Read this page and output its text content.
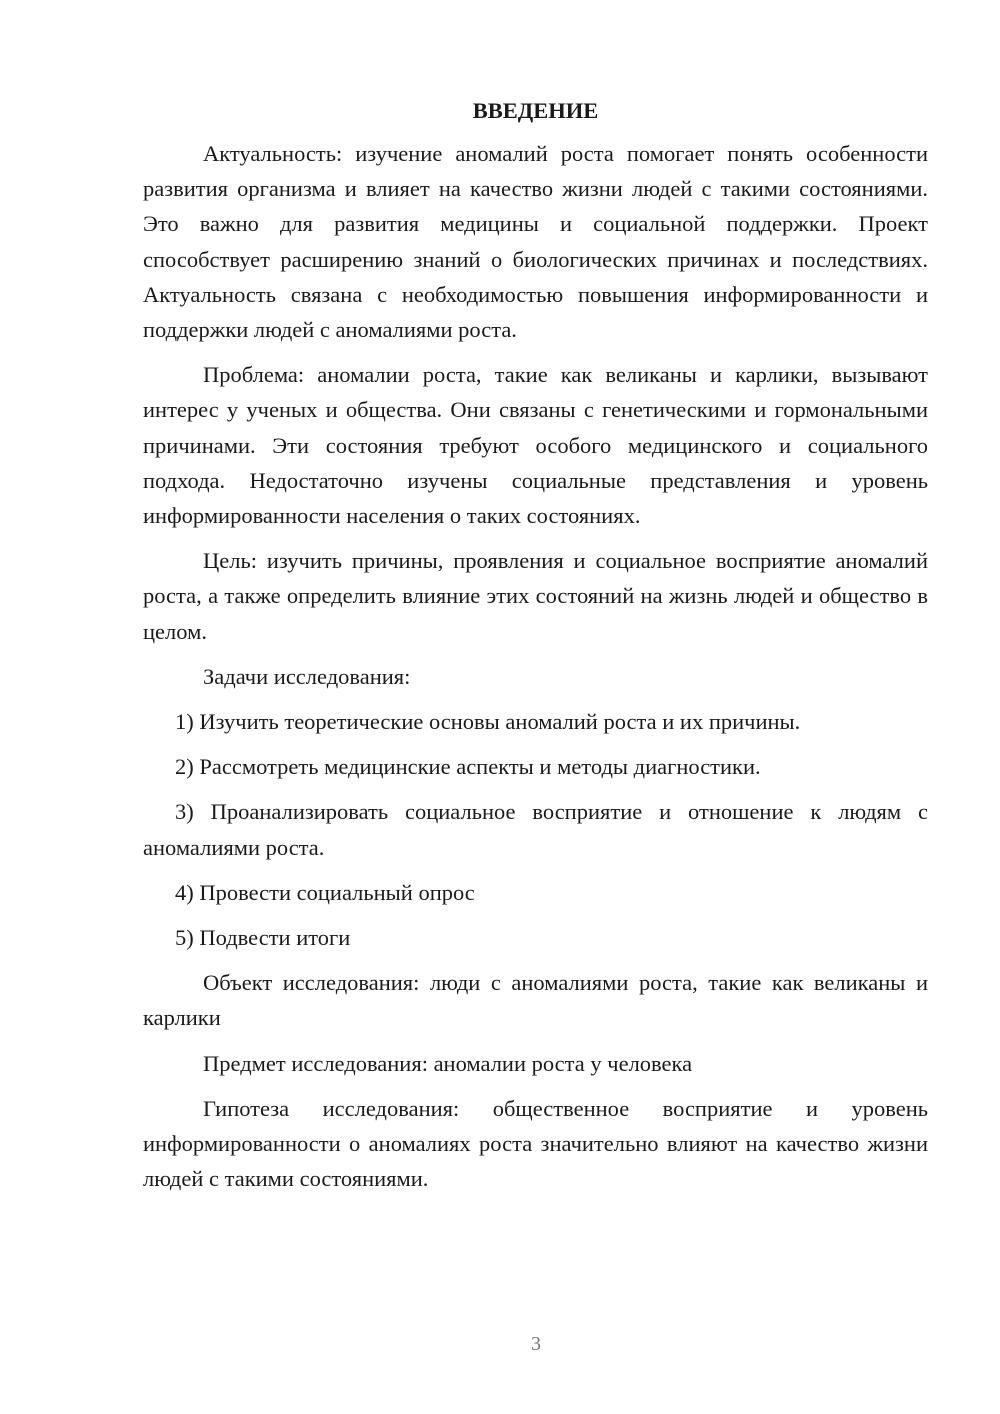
ВВЕДЕНИЕ

Актуальность: изучение аномалий роста помогает понять особенности развития организма и влияет на качество жизни людей с такими состояниями. Это важно для развития медицины и социальной поддержки. Проект способствует расширению знаний о биологических причинах и последствиях. Актуальность связана с необходимостью повышения информированности и поддержки людей с аномалиями роста.

Проблема: аномалии роста, такие как великаны и карлики, вызывают интерес у ученых и общества. Они связаны с генетическими и гормональными причинами. Эти состояния требуют особого медицинского и социального подхода. Недостаточно изучены социальные представления и уровень информированности населения о таких состояниях.

Цель: изучить причины, проявления и социальное восприятие аномалий роста, а также определить влияние этих состояний на жизнь людей и общество в целом.

Задачи исследования:

1) Изучить теоретические основы аномалий роста и их причины.

2) Рассмотреть медицинские аспекты и методы диагностики.

3) Проанализировать социальное восприятие и отношение к людям с аномалиями роста.

4) Провести социальный опрос

5) Подвести итоги

Объект исследования: люди с аномалиями роста, такие как великаны и карлики

Предмет исследования: аномалии роста у человека

Гипотеза исследования: общественное восприятие и уровень информированности о аномалиях роста значительно влияют на качество жизни людей с такими состояниями.

3
